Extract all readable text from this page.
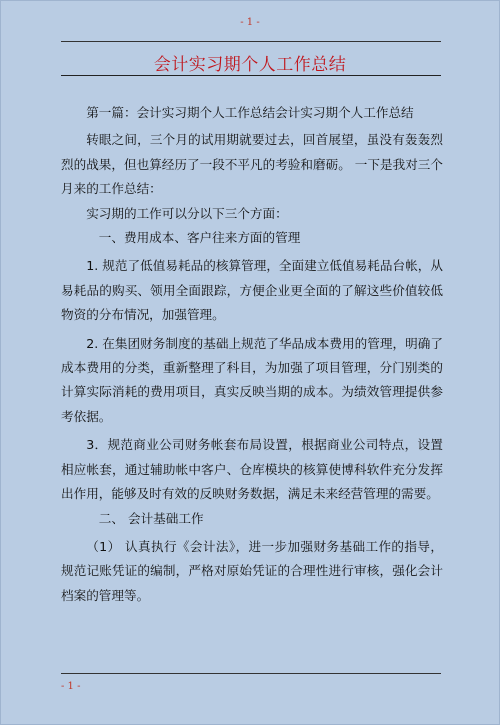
- 1 -
会计实习期个人工作总结

第一篇：会计实习期个人工作总结会计实习期个人工作总结

转眼之间，三个月的试用期就要过去，回首展望，虽没有轰轰烈烈的战果，但也算经历了一段不平凡的考验和磨砺。 一下是我对三个月来的工作总结：

实习期的工作可以分以下三个方面：

一、费用成本、客户往来方面的管理

1. 规范了低值易耗品的核算管理，全面建立低值易耗品台帐，从易耗品的购买、领用全面跟踪，方便企业更全面的了解这些价值较低物资的分布情况，加强管理。

2. 在集团财务制度的基础上规范了华品成本费用的管理，明确了成本费用的分类，重新整理了科目，为加强了项目管理，分门别类的计算实际消耗的费用项目，真实反映当期的成本。为绩效管理提供参考依据。

3．规范商业公司财务帐套布局设置，根据商业公司特点，设置相应帐套，通过辅助帐中客户、仓库模块的核算使博科软件充分发挥出作用，能够及时有效的反映财务数据，满足未来经营管理的需要。

二、 会计基础工作

（1） 认真执行《会计法》，进一步加强财务基础工作的指导，规范记账凭证的编制，严格对原始凭证的合理性进行审核，强化会计档案的管理等。

- 1 -
